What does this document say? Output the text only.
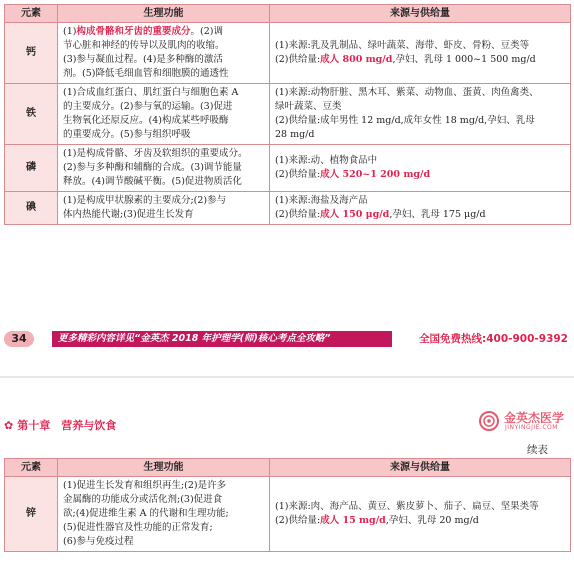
元素	生理功能	来源与供给量
钙	(1)构成骨骼和牙齿的重要成分。(2)调
节心脏和神经的传导以及肌肉的收缩。
(3)参与凝血过程。(4)是多种酶的激活
剂。(5)降低毛细血管和细胞膜的通透性	(1)来源:乳及乳制品、绿叶蔬菜、海带、虾皮、骨粉、豆类等
(2)供给量:成人 800 mg/d,孕妇、乳母 1 000~1 500 mg/d

铁	(1)合成血红蛋白、肌红蛋白与细胞色素 A
的主要成分。(2)参与氧的运输。(3)促进
生物氧化还原反应。(4)构成某些呼吸酶
的重要成分。(5)参与组织呼吸	(1)来源:动物肝脏、黑木耳、紫菜、动物血、蛋黄、肉鱼禽类、
绿叶蔬菜、豆类
(2)供给量:成年男性 12 mg/d,成年女性 18 mg/d,孕妇、乳母
28 mg/d

磷	(1)是构成骨骼、牙齿及软组织的重要成分。
(2)参与多种酶和辅酶的合成。(3)调节能量
释放。(4)调节酸碱平衡。(5)促进物质活化	(1)来源:动、植物食品中
(2)供给量:成人 520~1 200 mg/d

碘	(1)是构成甲状腺素的主要成分;(2)参与
体内热能代谢;(3)促进生长发育	(1)来源:海盐及海产品
(2)供给量:成人 150 μg/d,孕妇、乳母 175 μg/d
34	更多精彩内容详见“金英杰 2018 年护理学(师)核心考点全攻略”	全国免费热线:400-900-9392
✿ 第十章　营养与饮食
金英杰医学
JINYINGJIE.COM
续表
元素	生理功能	来源与供给量
锌	(1)促进生长发育和组织再生;(2)是许多
金属酶的功能成分或活化剂;(3)促进食
欲;(4)促进维生素 A 的代谢和生理功能;
(5)促进性器官及性功能的正常发育;
(6)参与免疫过程	(1)来源:肉、海产品、黄豆、紫皮萝卜、茄子、扁豆、坚果类等
(2)供给量:成人 15 mg/d,孕妇、乳母 20 mg/d
